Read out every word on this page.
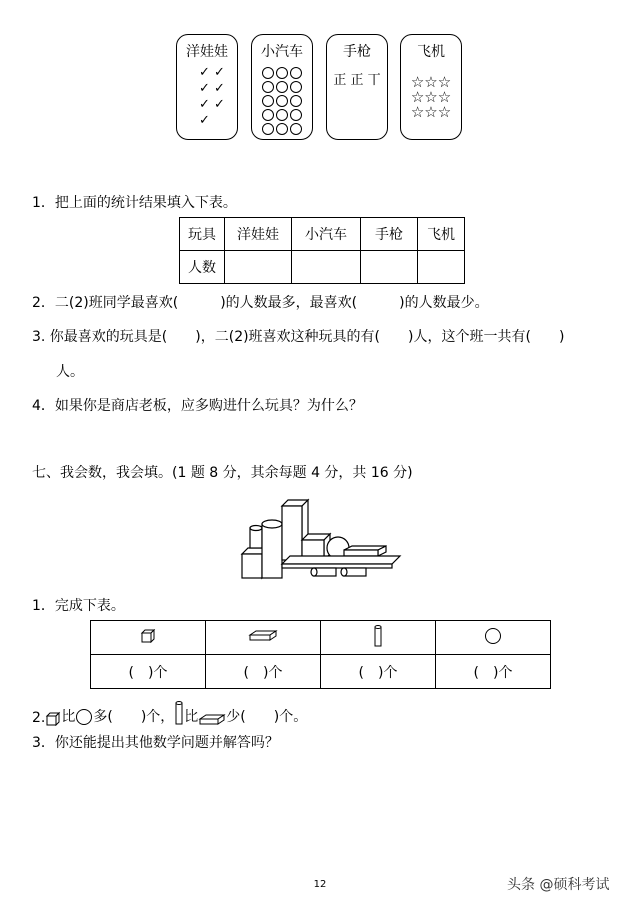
洋娃娃
✓ ✓
✓ ✓
✓ ✓
✓
小汽车	手枪
正 正 丅
飞机
☆☆☆
☆☆☆
☆☆☆
1．把上面的统计结果填入下表。
玩具	洋娃娃	小汽车	手枪	飞机
人数				
2．二(2)班同学最喜欢(　　　)的人数最多，最喜欢(　　　)的人数最少。
3. 你最喜欢的玩具是(　　)，二(2)班喜欢这种玩具的有(　　)人，这个班一共有(　　)
人。
4．如果你是商店老板，应多购进什么玩具？为什么？
七、我会数，我会填。(1 题 8 分，其余每题 4 分，共 16 分)
1．完成下表。

(　)个	(　)个	(　)个	(　)个
2. 比 多(　　)个， 比 少(　　)个。
3．你还能提出其他数学问题并解答吗？
12	头条 @硕科考试
